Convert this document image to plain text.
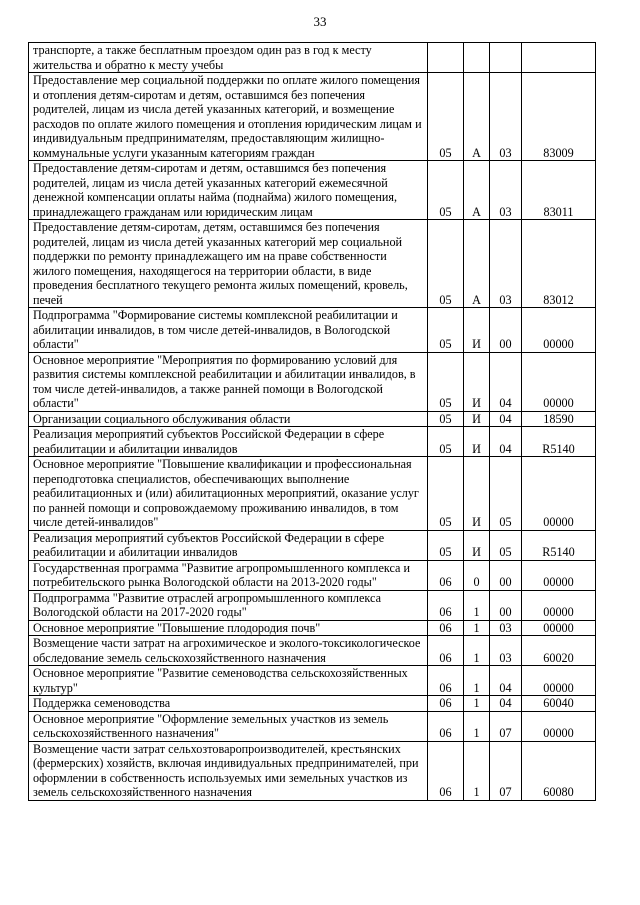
33
транспорте, а также бесплатным проездом один раз в год к месту жительства и обратно к месту учебы				
Предоставление мер социальной поддержки по оплате жилого помещения и отопления детям-сиротам и детям, оставшимся без попечения родителей, лицам из числа детей указанных категорий, и возмещение расходов по оплате жилого помещения и отопления юридическим лицам и индивидуальным предпринимателям, предоставляющим жилищно-коммунальные услуги указанным категориям граждан	05	А	03	83009
Предоставление детям-сиротам и детям, оставшимся без попечения родителей, лицам из числа детей указанных категорий ежемесячной денежной компенсации оплаты найма (поднайма) жилого помещения, принадлежащего гражданам или юридическим лицам	05	А	03	83011
Предоставление детям-сиротам, детям, оставшимся без попечения родителей, лицам из числа детей указанных категорий мер социальной поддержки по ремонту принадлежащего им на праве собственности жилого помещения, находящегося на территории области, в виде проведения бесплатного текущего ремонта жилых помещений, кровель, печей	05	А	03	83012
Подпрограмма "Формирование системы комплексной реабилитации и абилитации инвалидов, в том числе детей-инвалидов, в Вологодской области"	05	И	00	00000
Основное мероприятие "Мероприятия по формированию условий для развития системы комплексной реабилитации и абилитации инвалидов, в том числе детей-инвалидов, а также ранней помощи в Вологодской области"	05	И	04	00000
Организации социального обслуживания области	05	И	04	18590
Реализация мероприятий субъектов Российской Федерации в сфере реабилитации и абилитации инвалидов	05	И	04	R5140
Основное мероприятие "Повышение квалификации и профессиональная переподготовка специалистов, обеспечивающих выполнение реабилитационных и (или) абилитационных мероприятий, оказание услуг по ранней помощи и сопровождаемому проживанию инвалидов, в том числе детей-инвалидов"	05	И	05	00000
Реализация мероприятий субъектов Российской Федерации в сфере реабилитации и абилитации инвалидов	05	И	05	R5140
Государственная программа "Развитие агропромышленного комплекса и потребительского рынка Вологодской области на 2013-2020 годы"	06	0	00	00000
Подпрограмма "Развитие отраслей агропромышленного комплекса Вологодской области на 2017-2020 годы"	06	1	00	00000
Основное мероприятие "Повышение плодородия почв"	06	1	03	00000
Возмещение части затрат на агрохимическое и эколого-токсикологическое обследование земель сельскохозяйственного назначения	06	1	03	60020
Основное мероприятие "Развитие семеноводства сельскохозяйственных культур"	06	1	04	00000
Поддержка семеноводства	06	1	04	60040
Основное мероприятие "Оформление земельных участков из земель сельскохозяйственного назначения"	06	1	07	00000
Возмещение части затрат сельхозтоваропроизводителей, крестьянских (фермерских) хозяйств, включая индивидуальных предпринимателей, при оформлении в собственность используемых ими земельных участков из земель сельскохозяйственного назначения	06	1	07	60080
